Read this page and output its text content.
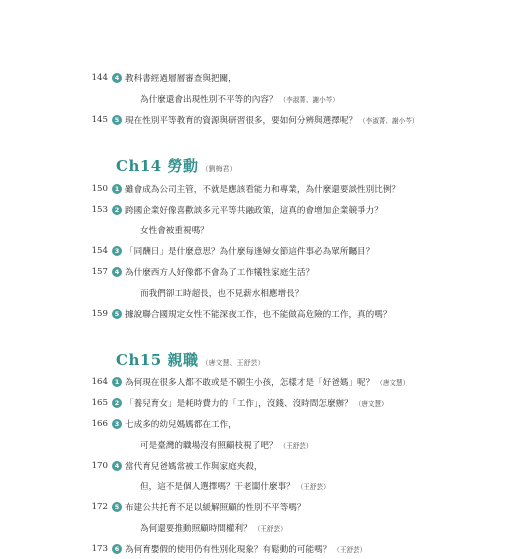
144	4 教科書經過層層審查與把關，
為什麼還會出現性別不平等的內容？ （李淑菁、謝小芩）
145	5 現在性別平等教育的資源與研習很多，要如何分辨與選擇呢？ （李淑菁、謝小芩）
Ch14 勞動 （劉梅君）
150	1 雖會成為公司主管，不就是應該看能力和專業，為什麼還要談性別比例？
153	2 跨國企業好像喜歡談多元平等共融政策，這真的會增加企業競爭力？
女性會被重視嗎？
154	3 「同酬日」是什麼意思？為什麼每逢婦女節這件事必為眾所矚目？
157	4 為什麼西方人好像都不會為了工作犧牲家庭生活？
而我們卻工時超長，也不見薪水相應增長？
159	5 據說聯合國規定女性不能深夜工作，也不能做高危險的工作，真的嗎？
Ch15 親職 （唐文慧、王舒芸）
164	1 為何現在很多人都不敢或是不願生小孩，怎樣才是「好爸媽」呢？ （唐文慧）
165	2 「養兒育女」是耗時費力的「工作」，沒錢、沒時間怎麼辦？ （唐文慧）
166	3 七成多的幼兒媽媽都在工作，
可是臺灣的職場沒有照顧枝視了吧？ （王舒芸）
170	4 當代育兒爸媽常被工作與家庭夾殺，
但，這不是個人選擇嗎？干老闆什麼事？ （王舒芸）
172	5 布建公共托育不足以緩解照顧的性別不平等嗎？
為何還要推動照顧時間權利？ （王舒芸）
173	6 為何育嬰假的使用仍有性別化現象？有鬆動的可能嗎？ （王舒芸）
